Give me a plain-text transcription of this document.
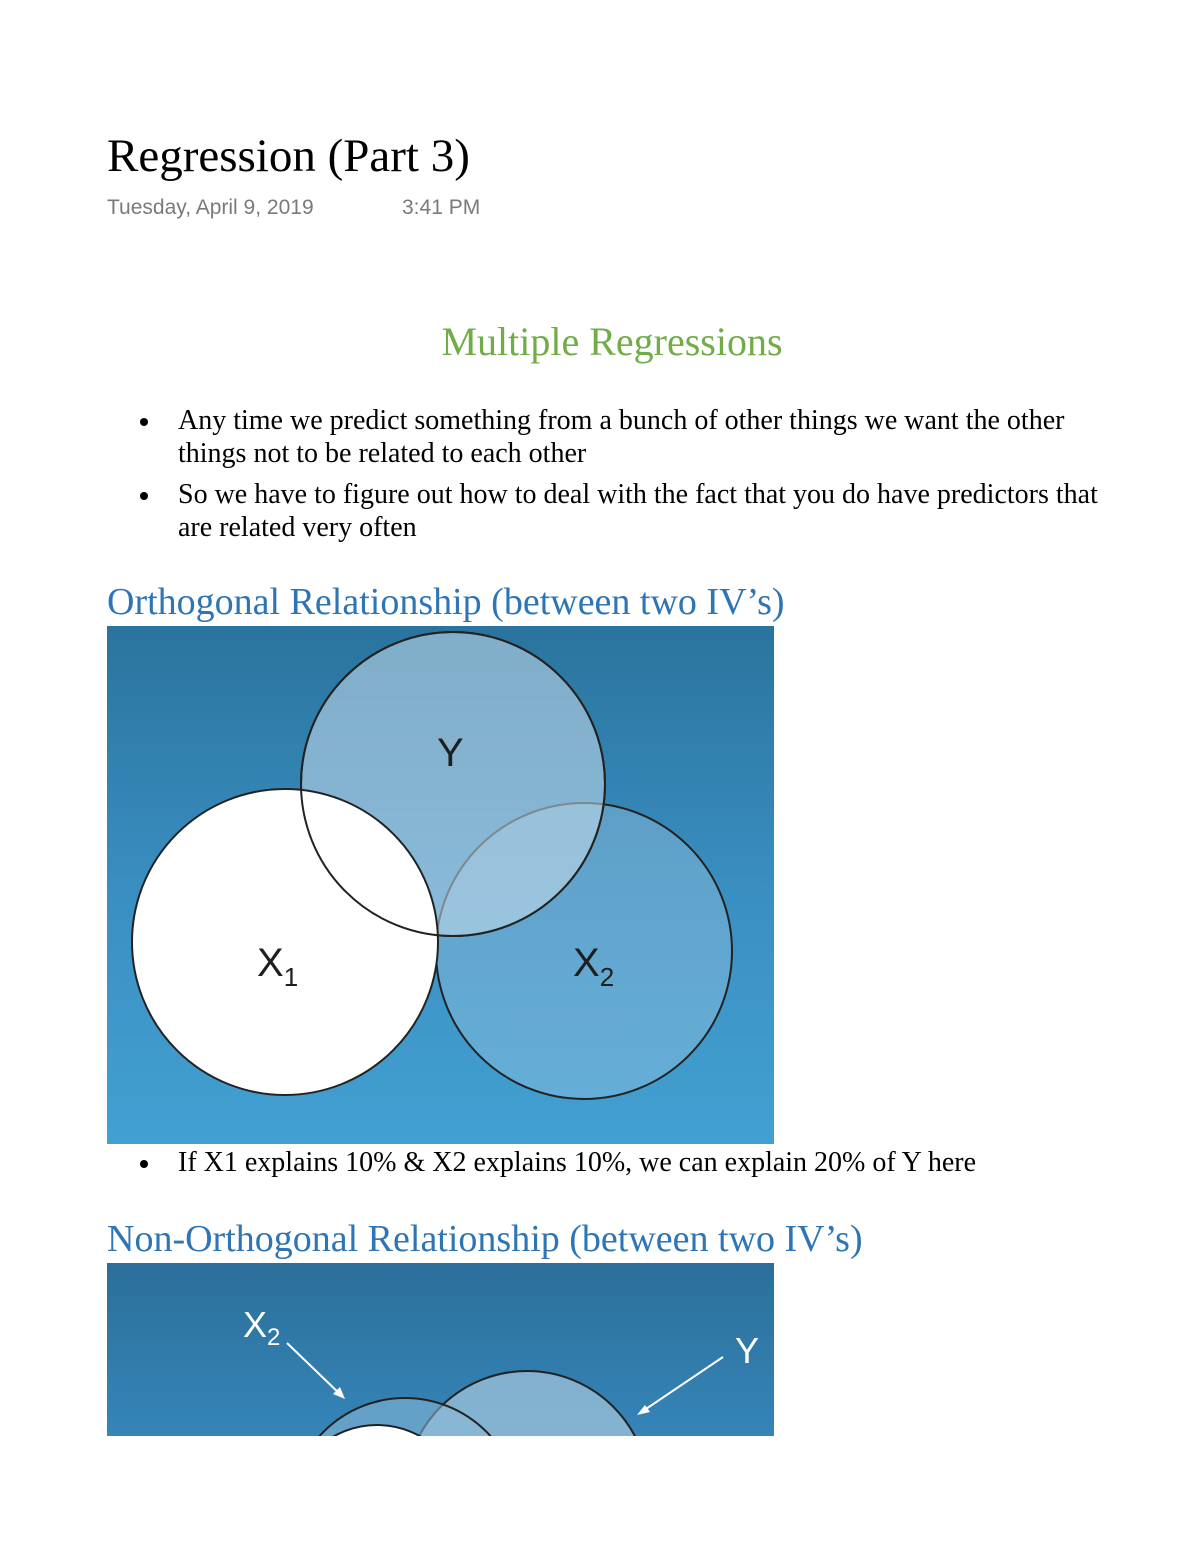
Regression (Part 3)
Tuesday, April 9, 2019	3:41 PM
Multiple Regressions
Any time we predict something from a bunch of other things we want the other things not to be related to each other
So we have to figure out how to deal with the fact that you do have predictors that are related very often
Orthogonal Relationship (between two IV’s)
Y
$X_1$	$X_2$
If X1 explains 10% & X2 explains 10%, we can explain 20% of Y here
Non-Orthogonal Relationship (between two IV’s)
$X_2$	Y
